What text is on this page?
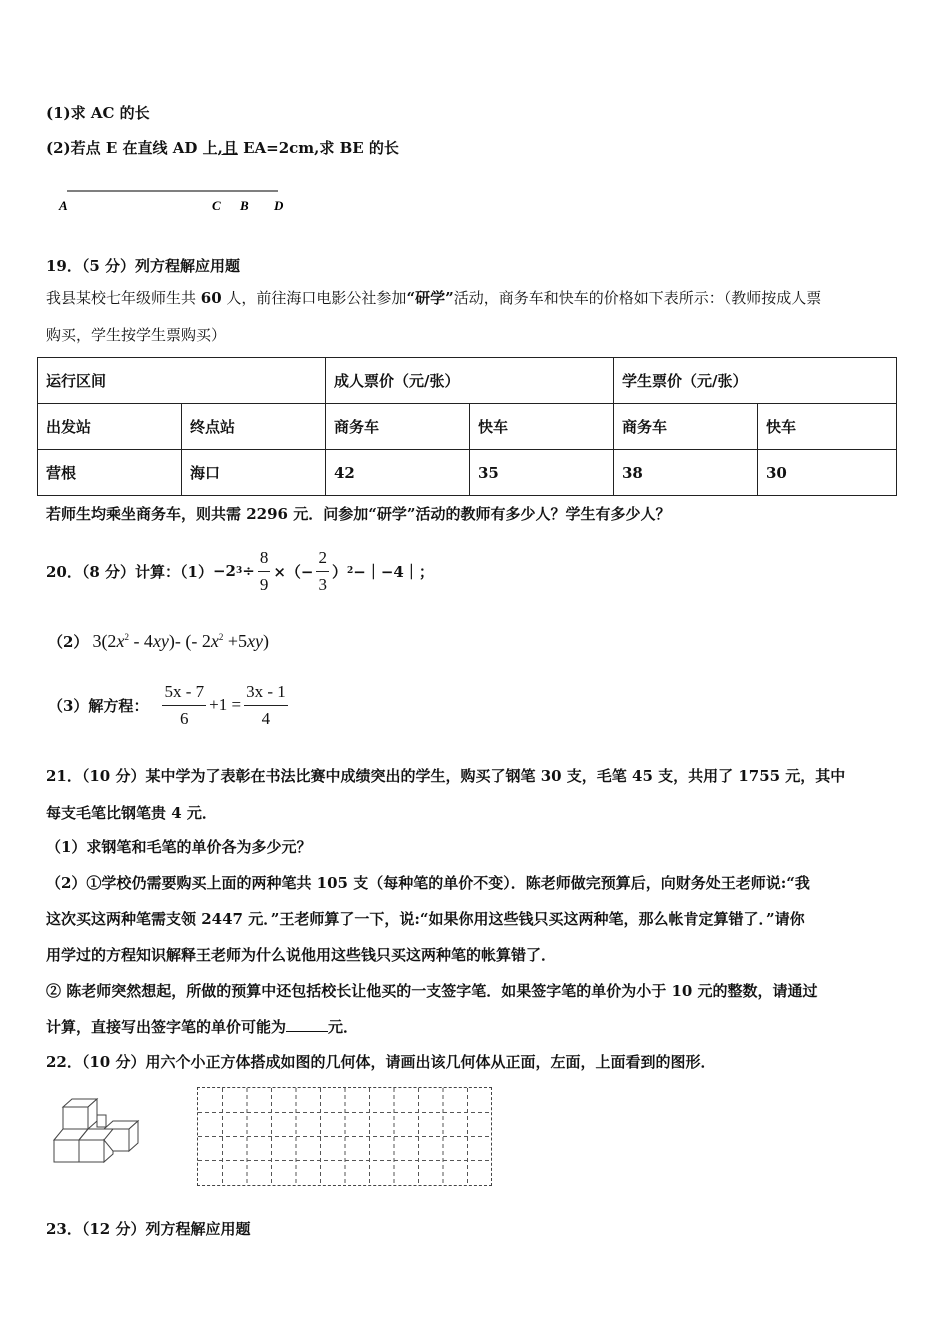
(1)求 AC 的长
(2)若点 E 在直线 AD 上,且 EA=2cm,求 BE 的长
A	C B D
19．（5 分）列方程解应用题
我县某校七年级师生共 60 人，前往海口电影公社参加“研学”活动，商务车和快车的价格如下表所示：（教师按成人票
购买，学生按学生票购买）
运行区间		成人票价（元/张）		学生票价（元/张）	
出发站	终点站	商务车	快车	商务车	快车
营根	海口	42	35	38	30
若师生均乘坐商务车，则共需 2296 元．问参加“研学”活动的教师有多少人？学生有多少人？
20．（8 分）计算：（1） −2 $3 \div \frac{8}{9}$ ×（− $\frac{2}{3}$ ） 2 −｜−4｜；
（2） $3(2x^2 - 4xy)-$ (- $2x^2 +5xy$)
（3）解方程： $\frac{5x - 7}{6} +1 = \frac{3x - 1}{4}$
21．（10 分）某中学为了表彰在书法比赛中成绩突出的学生，购买了钢笔 30 支，毛笔 45 支，共用了 1755 元，其中
每支毛笔比钢笔贵 4 元．
（1）求钢笔和毛笔的单价各为多少元？
（2）①学校仍需要购买上面的两种笔共 105 支（每种笔的单价不变）．陈老师做完预算后，向财务处王老师说:“我
这次买这两种笔需支领 2447 元．”王老师算了一下，说:“如果你用这些钱只买这两种笔，那么帐肯定算错了．”请你
用学过的方程知识解释王老师为什么说他用这些钱只买这两种笔的帐算错了．
② 陈老师突然想起，所做的预算中还包括校长让他买的一支签字笔．如果签字笔的单价为小于 10 元的整数，请通过
计算，直接写出签字笔的单价可能为	元．
22．（10 分）用六个小正方体搭成如图的几何体，请画出该几何体从正面，左面，上面看到的图形．
23．（12 分）列方程解应用题
